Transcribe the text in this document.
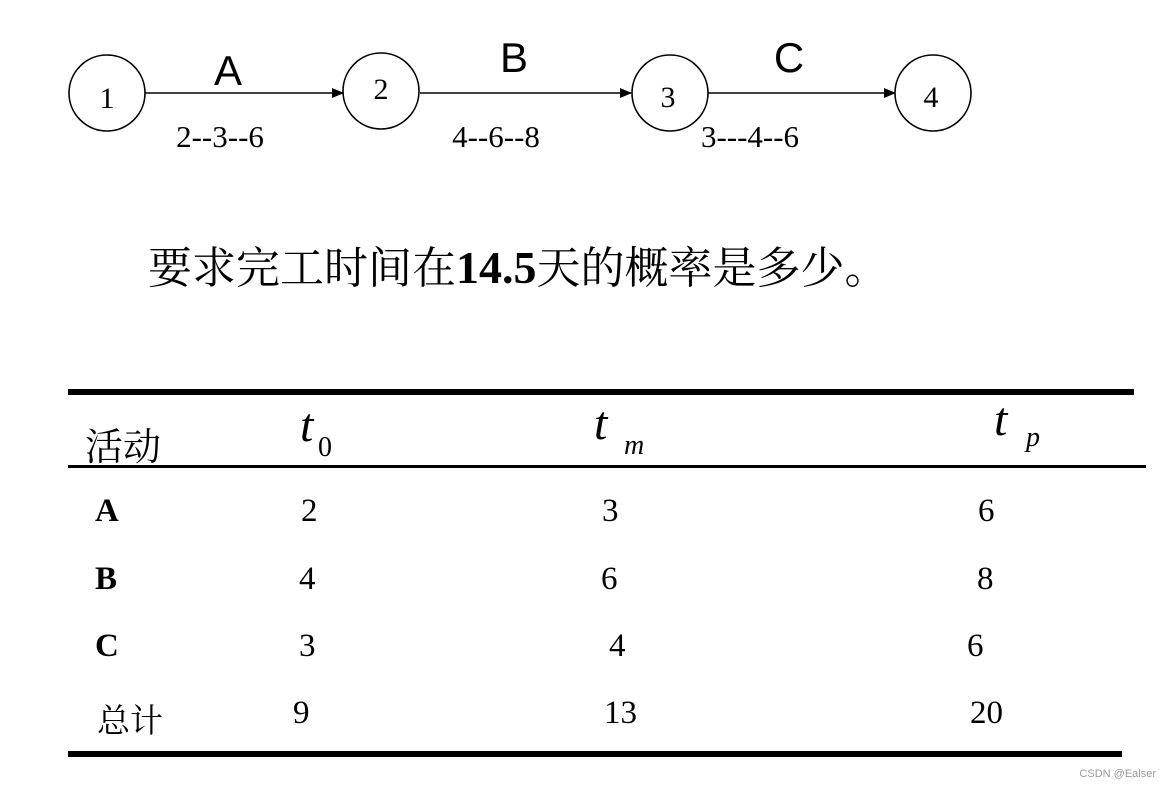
A
2--3--6
B
4--6--8
C
3---4--6
1	2	3	4
要求完工时间在14.5天的概率是多少。
活动	t 0	t m	t p
A	2	3	6
B	4	6	8
C	3	4	6
总计	9	13	20
CSDN @Ealser
